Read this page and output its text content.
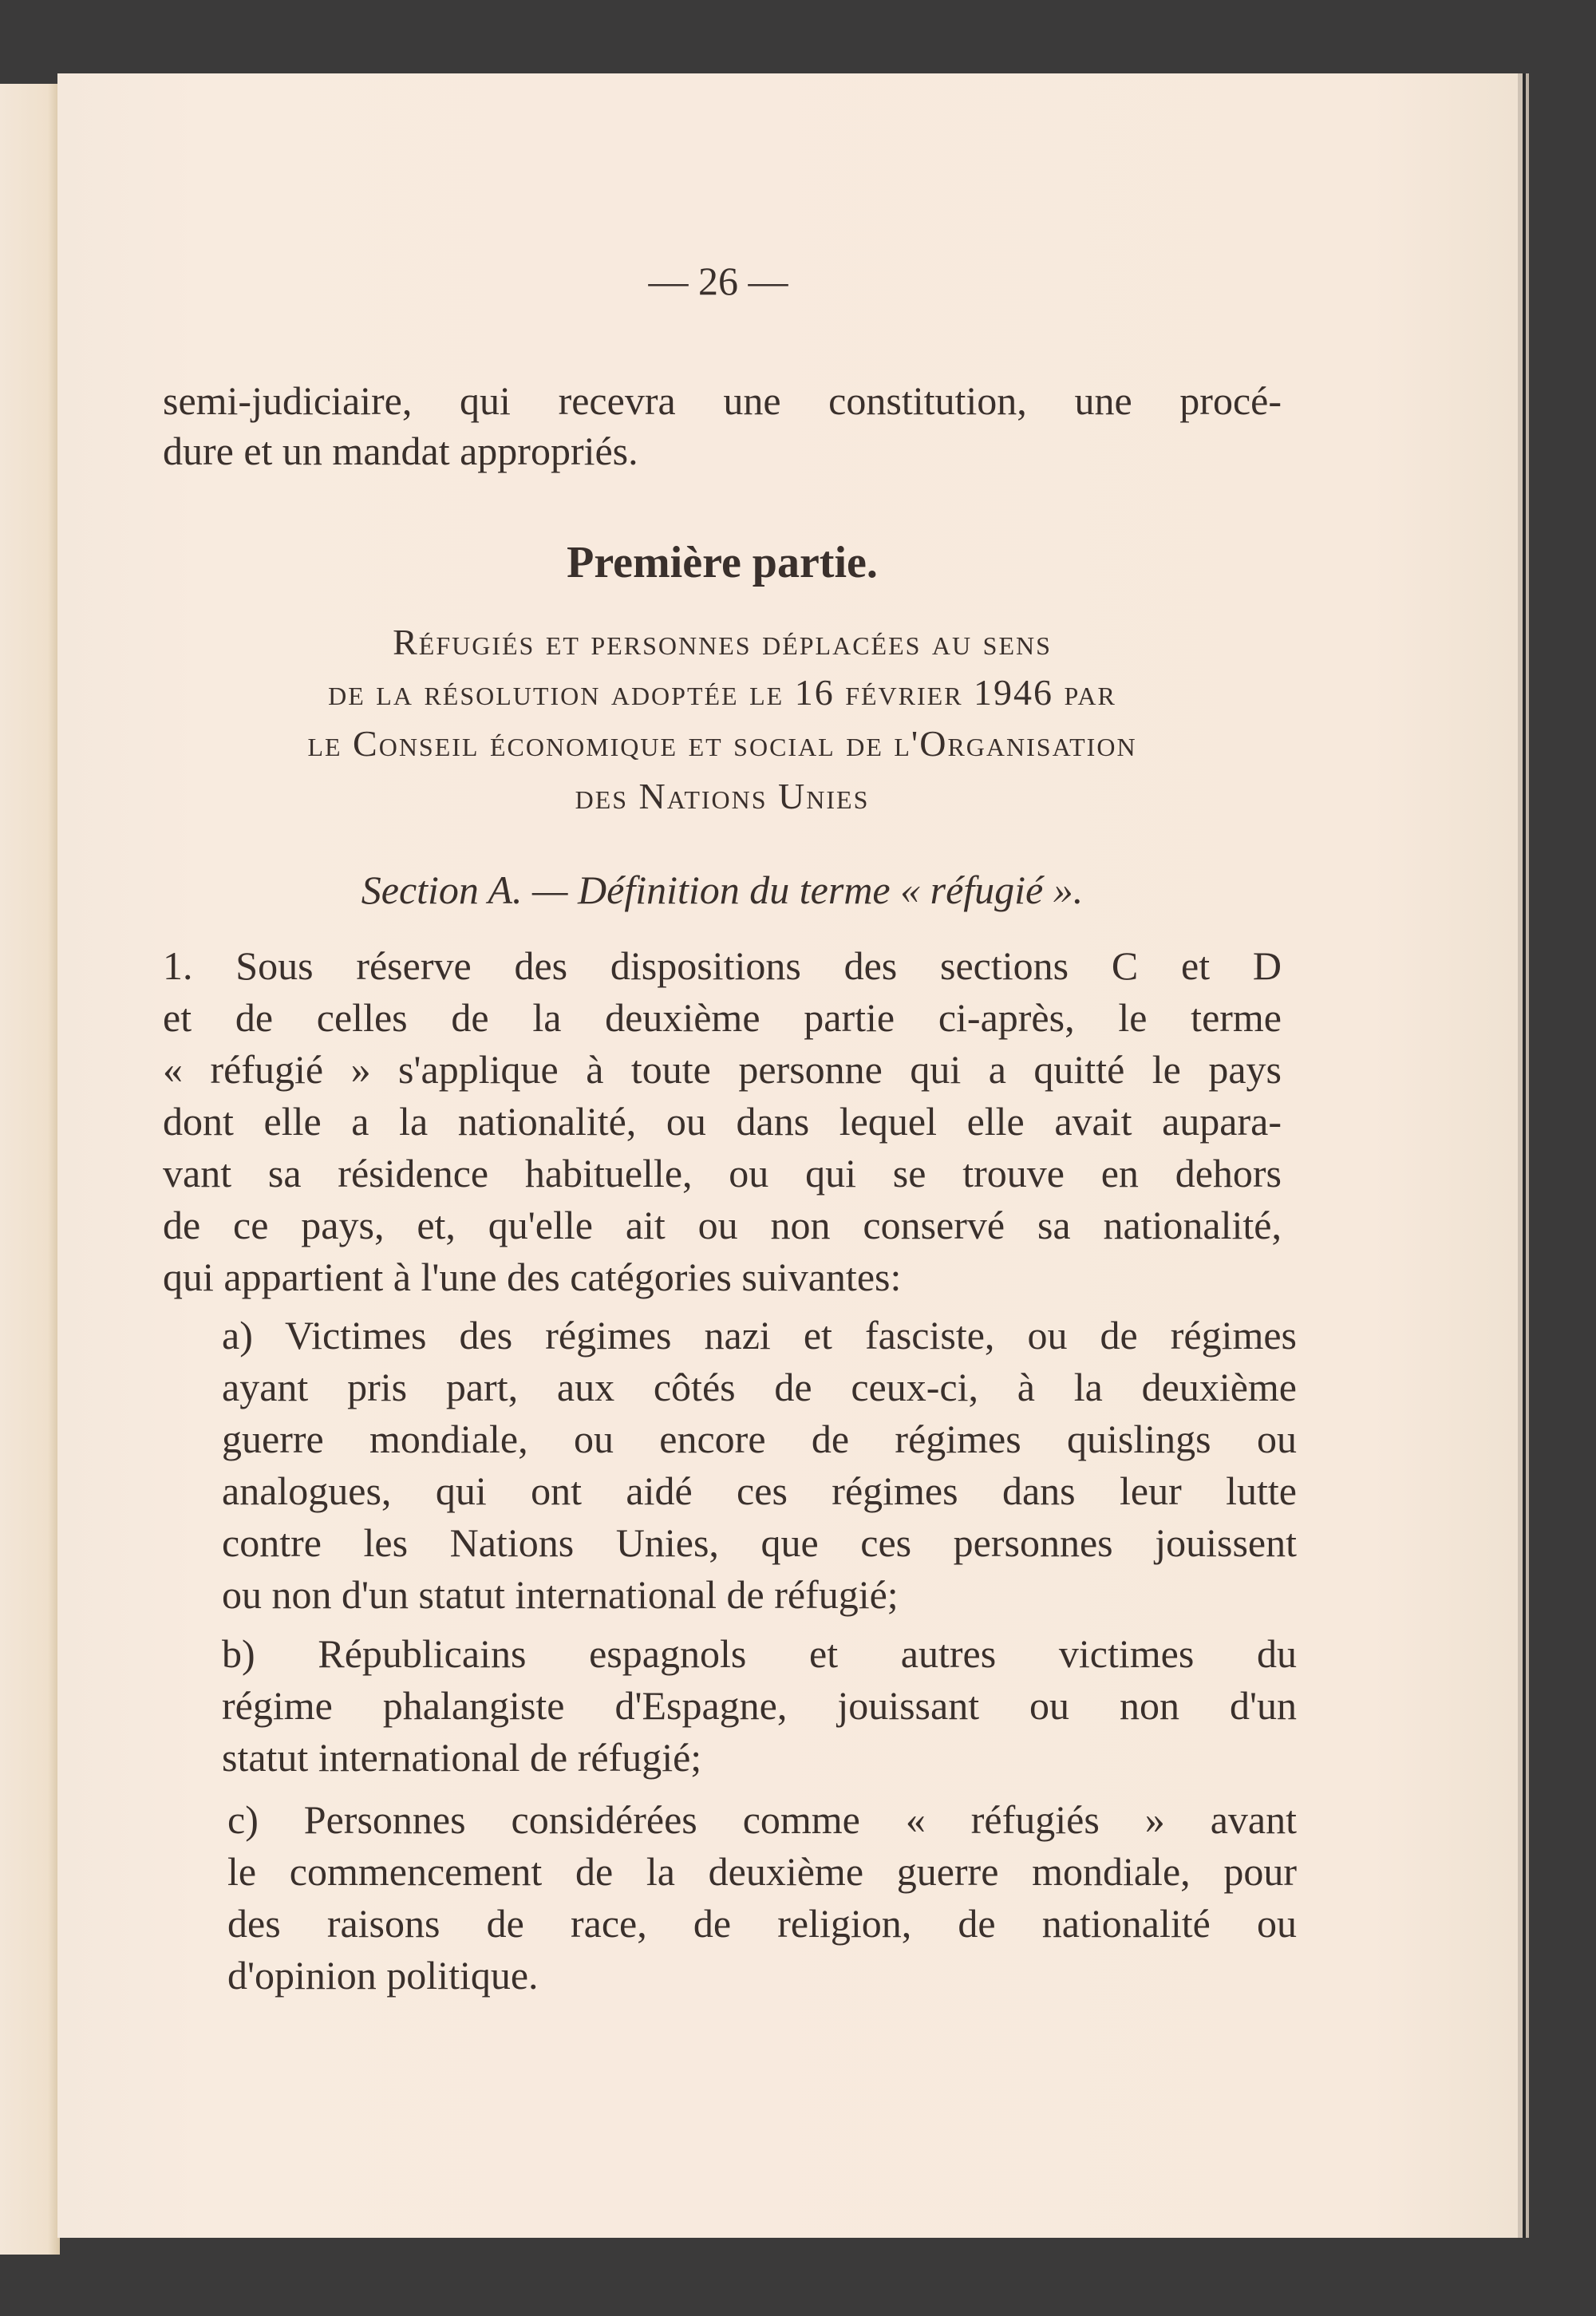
— 26 —
semi-judiciaire, qui recevra une constitution, une procé-
dure et un mandat appropriés.
Première partie.
Réfugiés et personnes déplacées au sens
de la résolution adoptée le 16 février 1946 par
le Conseil économique et social de l'Organisation
des Nations Unies
Section A. — Définition du terme « réfugié ».
1. Sous réserve des dispositions des sections C et D
et de celles de la deuxième partie ci-après, le terme
« réfugié » s'applique à toute personne qui a quitté le pays
dont elle a la nationalité, ou dans lequel elle avait aupara-
vant sa résidence habituelle, ou qui se trouve en dehors
de ce pays, et, qu'elle ait ou non conservé sa nationalité,
qui appartient à l'une des catégories suivantes:
a) Victimes des régimes nazi et fasciste, ou de régimes
ayant pris part, aux côtés de ceux-ci, à la deuxième
guerre mondiale, ou encore de régimes quislings ou
analogues, qui ont aidé ces régimes dans leur lutte
contre les Nations Unies, que ces personnes jouissent
ou non d'un statut international de réfugié;
b) Républicains espagnols et autres victimes du
régime phalangiste d'Espagne, jouissant ou non d'un
statut international de réfugié;
c) Personnes considérées comme « réfugiés » avant
le commencement de la deuxième guerre mondiale, pour
des raisons de race, de religion, de nationalité ou
d'opinion politique.
